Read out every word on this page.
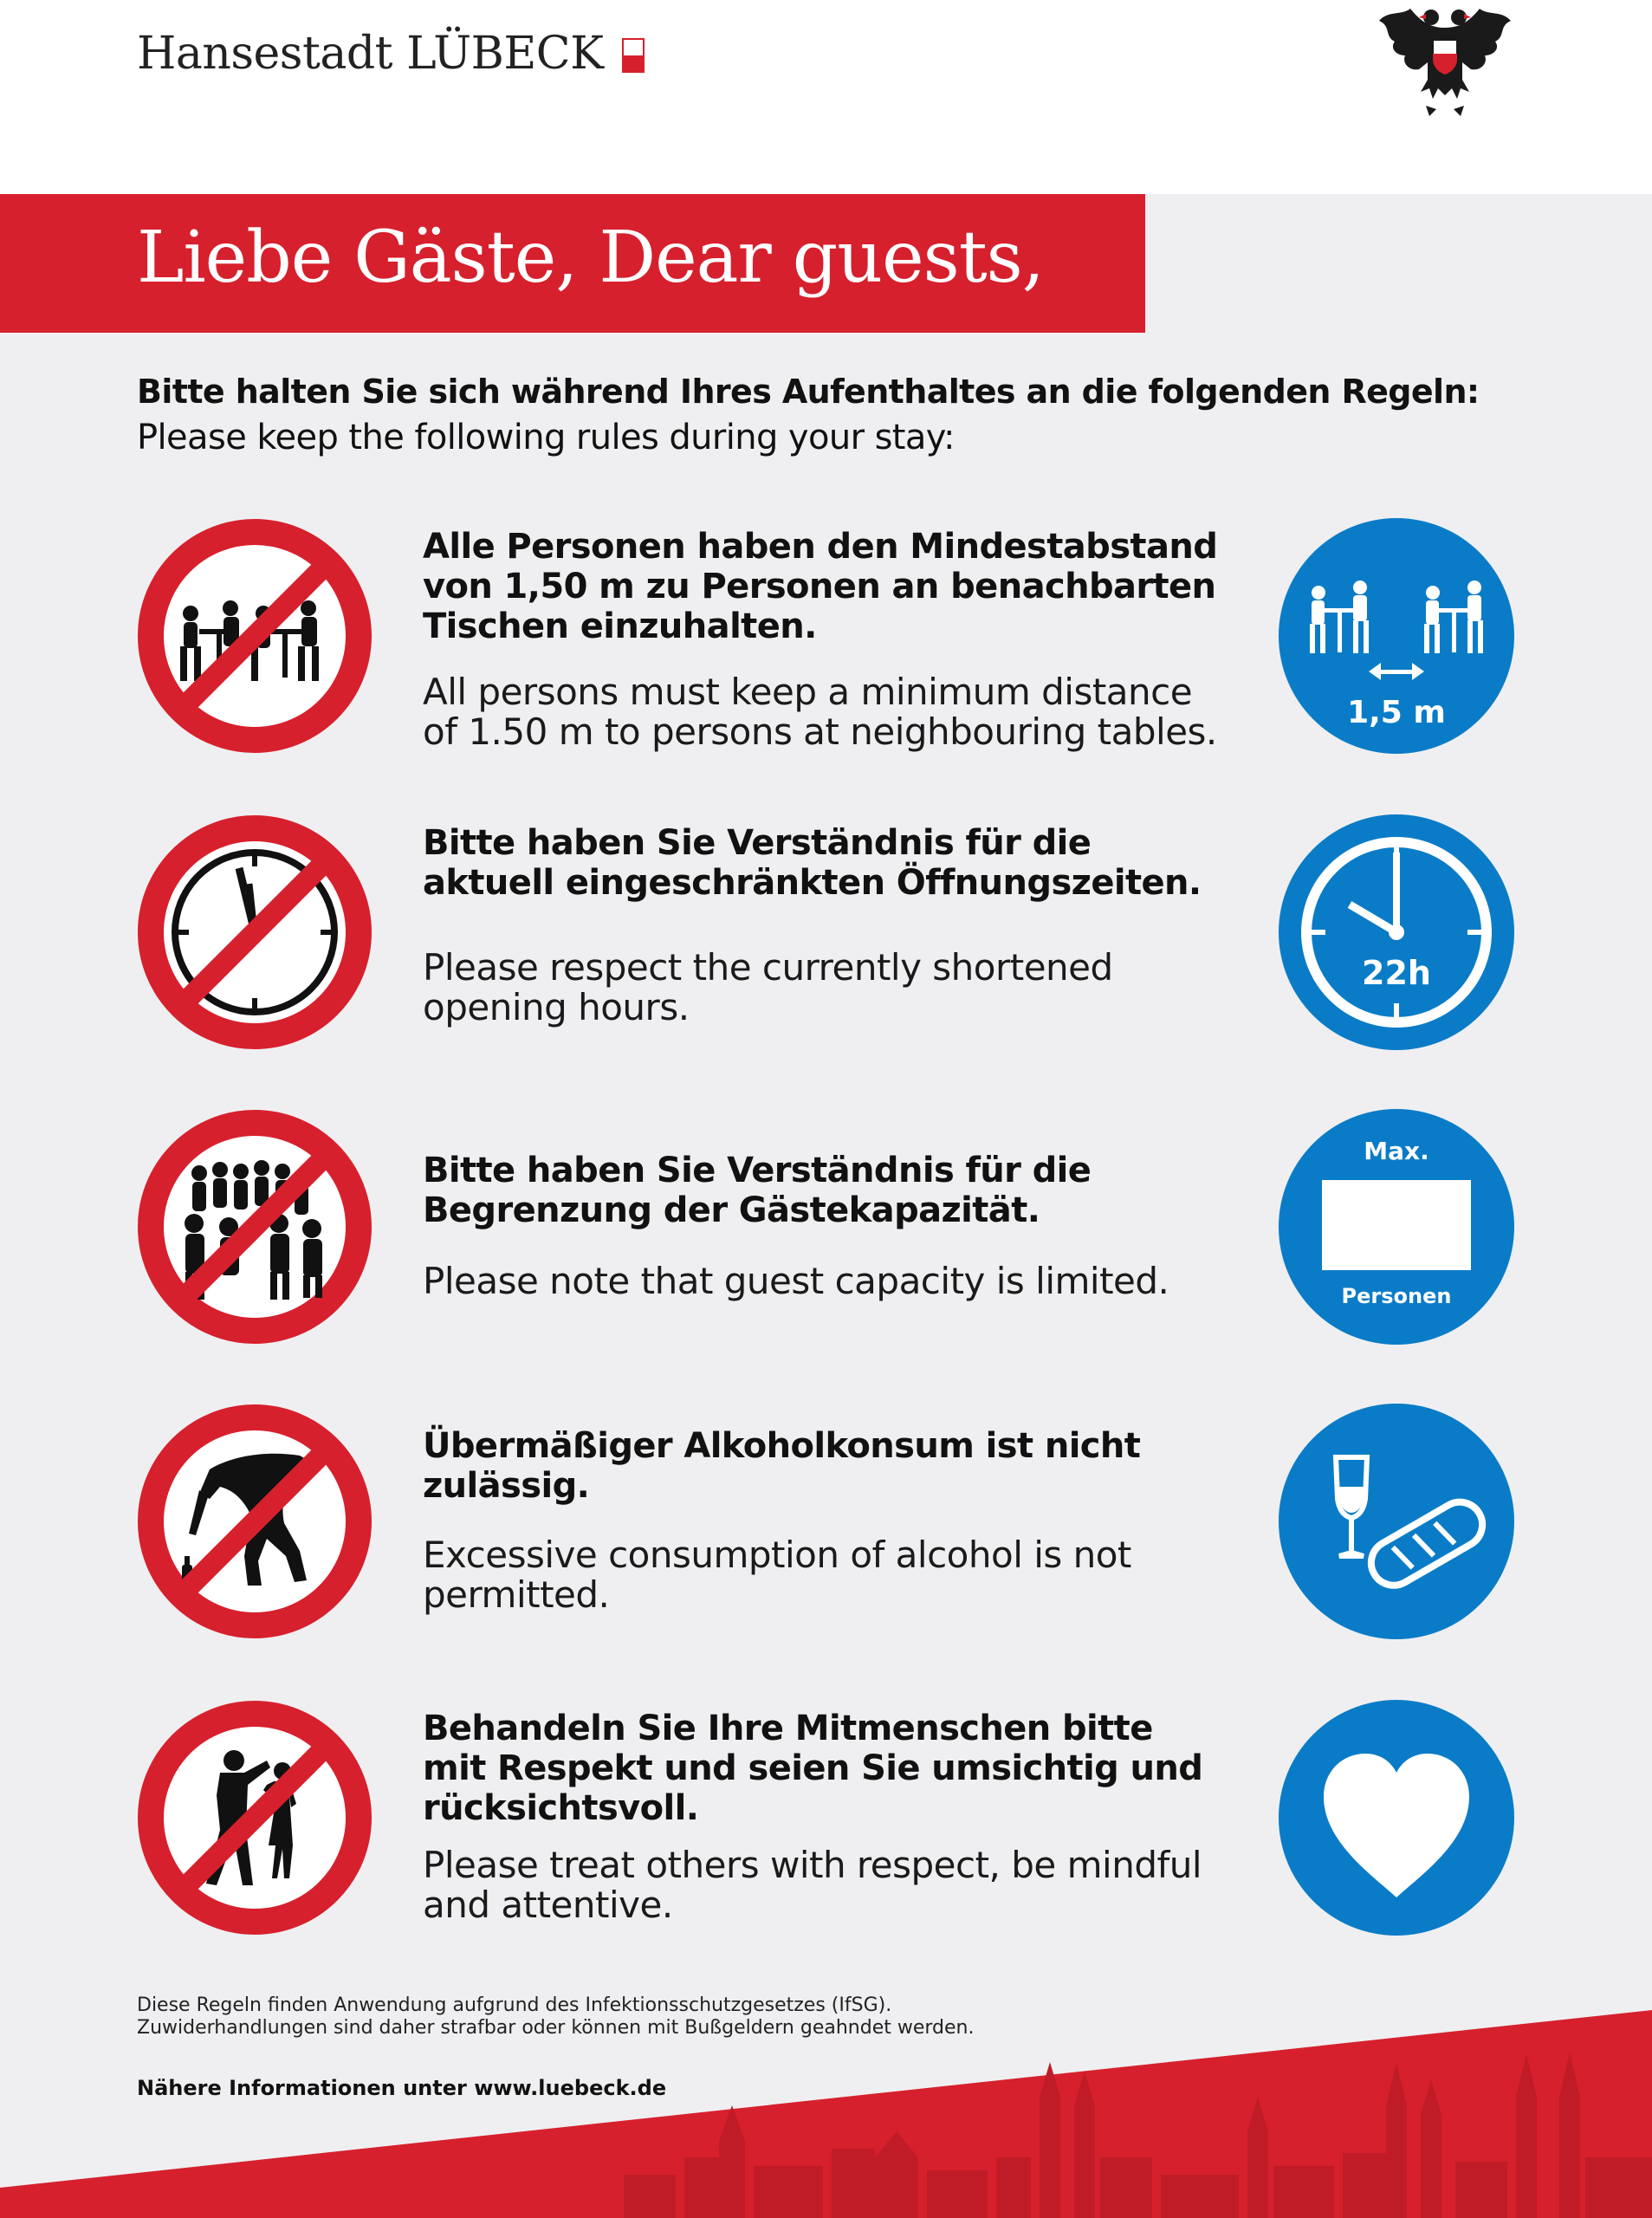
Hansestadt LÜBECK
Liebe Gäste, Dear guests,
Bitte halten Sie sich während Ihres Aufenthaltes an die folgenden Regeln:
Please keep the following rules during your stay:
Alle Personen haben den Mindestabstand
von 1,50 m zu Personen an benachbarten
Tischen einzuhalten.
All persons must keep a minimum distance
of 1.50 m to persons at neighbouring tables.	1,5 m
Bitte haben Sie Verständnis für die
aktuell eingeschränkten Öffnungszeiten.
Please respect the currently shortened
opening hours.
22h
Bitte haben Sie Verständnis für die
Begrenzung der Gästekapazität.
Please note that guest capacity is limited.
Max.
Personen
Übermäßiger Alkoholkonsum ist nicht
zulässig.
Excessive consumption of alcohol is not
permitted.
Behandeln Sie Ihre Mitmenschen bitte
mit Respekt und seien Sie umsichtig und
rücksichtsvoll.
Please treat others with respect, be mindful
and attentive.
Diese Regeln finden Anwendung aufgrund des Infektionsschutzgesetzes (IfSG).
Zuwiderhandlungen sind daher strafbar oder können mit Bußgeldern geahndet werden.
Nähere Informationen unter www.luebeck.de
